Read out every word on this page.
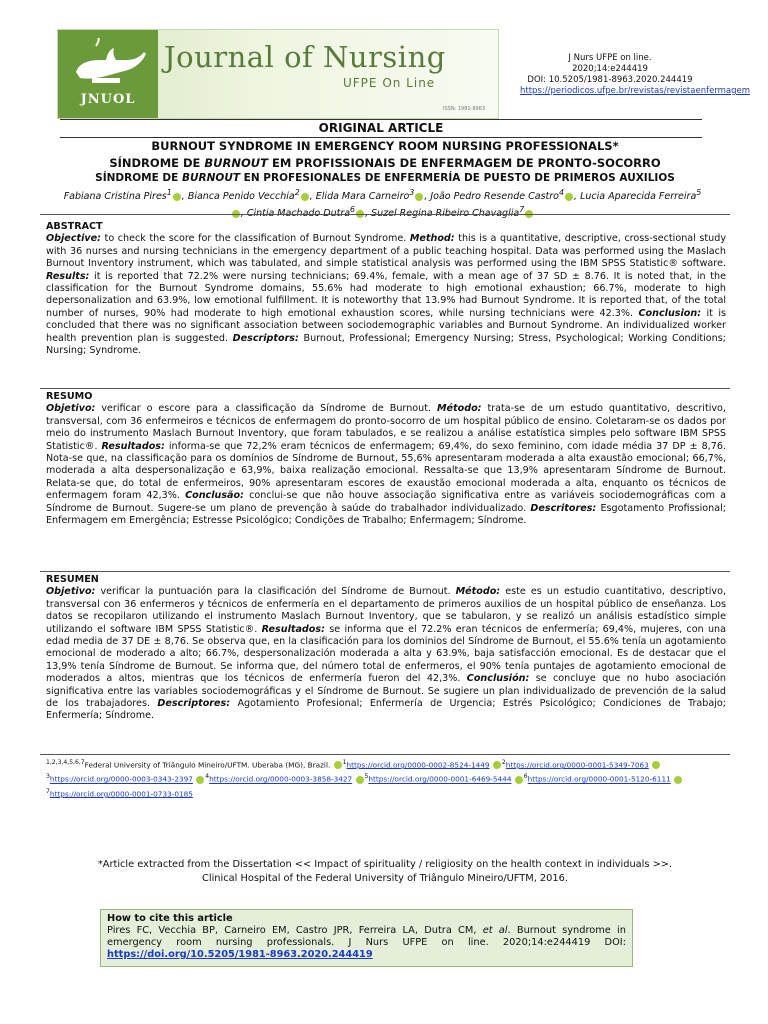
JNUOL
Journal of Nursing
UFPE On Line
ISSN: 1981-8963
J Nurs UFPE on line.
2020;14:e244419
DOI: 10.5205/1981-8963.2020.244419
https://periodicos.ufpe.br/revistas/revistaenfermagem
ORIGINAL ARTICLE
BURNOUT SYNDROME IN EMERGENCY ROOM NURSING PROFESSIONALS*
SÍNDROME DE BURNOUT EM PROFISSIONAIS DE ENFERMAGEM DE PRONTO-SOCORRO
SÍNDROME DE BURNOUT EN PROFESIONALES DE ENFERMERÍA DE PUESTO DE PRIMEROS AUXILIOS
Fabiana Cristina Pires$^1$ , Bianca Penido Vecchia$^2$ , Elida Mara Carneiro$^3$ , João Pedro Resende Castro$^4$ , Lucia Aparecida Ferreira$^5$, Cintia Machado Dutra$^6$ , Suzel Regina Ribeiro Chavaglia$^7$
ABSTRACT

Objective: to check the score for the classification of Burnout Syndrome. Method: this is a quantitative, descriptive, cross-sectional study with 36 nurses and nursing technicians in the emergency department of a public teaching hospital. Data was performed using the Maslach Burnout Inventory instrument, which was tabulated, and simple statistical analysis was performed using the IBM SPSS Statistic® software. Results: it is reported that 72.2% were nursing technicians; 69.4%, female, with a mean age of 37 SD ± 8.76. It is noted that, in the classification for the Burnout Syndrome domains, 55.6% had moderate to high emotional exhaustion; 66.7%, moderate to high depersonalization and 63.9%, low emotional fulfillment. It is noteworthy that 13.9% had Burnout Syndrome. It is reported that, of the total number of nurses, 90% had moderate to high emotional exhaustion scores, while nursing technicians were 42.3%. Conclusion: it is concluded that there was no significant association between sociodemographic variables and Burnout Syndrome. An individualized worker health prevention plan is suggested. Descriptors: Burnout, Professional; Emergency Nursing; Stress, Psychological; Working Conditions; Nursing; Syndrome.

RESUMO

Objetivo: verificar o escore para a classificação da Síndrome de Burnout. Método: trata-se de um estudo quantitativo, descritivo, transversal, com 36 enfermeiros e técnicos de enfermagem do pronto-socorro de um hospital público de ensino. Coletaram-se os dados por meio do instrumento Maslach Burnout Inventory, que foram tabulados, e se realizou a análise estatística simples pelo software IBM SPSS Statistic®. Resultados: informa-se que 72,2% eram técnicos de enfermagem; 69,4%, do sexo feminino, com idade média 37 DP ± 8,76. Nota-se que, na classificação para os domínios de Síndrome de Burnout, 55,6% apresentaram moderada a alta exaustão emocional; 66,7%, moderada a alta despersonalização e 63,9%, baixa realização emocional. Ressalta-se que 13,9% apresentaram Síndrome de Burnout. Relata-se que, do total de enfermeiros, 90% apresentaram escores de exaustão emocional moderada a alta, enquanto os técnicos de enfermagem foram 42,3%. Conclusão: conclui-se que não houve associação significativa entre as variáveis sociodemográficas com a Síndrome de Burnout. Sugere-se um plano de prevenção à saúde do trabalhador individualizado. Descritores: Esgotamento Profissional; Enfermagem em Emergência; Estresse Psicológico; Condições de Trabalho; Enfermagem; Síndrome.

RESUMEN

Objetivo: verificar la puntuación para la clasificación del Síndrome de Burnout. Método: este es un estudio cuantitativo, descriptivo, transversal con 36 enfermeros y técnicos de enfermería en el departamento de primeros auxilios de un hospital público de enseñanza. Los datos se recopilaron utilizando el instrumento Maslach Burnout Inventory, que se tabularon, y se realizó un análisis estadístico simple utilizando el software IBM SPSS Statistic®. Resultados: se informa que el 72.2% eran técnicos de enfermería; 69,4%, mujeres, con una edad media de 37 DE ± 8,76. Se observa que, en la clasificación para los dominios del Síndrome de Burnout, el 55.6% tenía un agotamiento emocional de moderado a alto; 66.7%, despersonalización moderada a alta y 63.9%, baja satisfacción emocional. Es de destacar que el 13,9% tenía Síndrome de Burnout. Se informa que, del número total de enfermeros, el 90% tenía puntajes de agotamiento emocional de moderados a altos, mientras que los técnicos de enfermería fueron del 42,3%. Conclusión: se concluye que no hubo asociación significativa entre las variables sociodemográficas y el Síndrome de Burnout. Se sugiere un plan individualizado de prevención de la salud de los trabajadores. Descriptores: Agotamiento Profesional; Enfermería de Urgencia; Estrés Psicológico; Condiciones de Trabajo; Enfermería; Síndrome.

$^{1,2,3,4,5,6,7}$Federal University of Triângulo Mineiro/UFTM. Uberaba (MG), Brazil. $^1$https://orcid.org/0000-0002-8524-1449 $^2$https://orcid.org/0000-0001-5349-7063 $^3$https://orcid.org/0000-0003-0343-2397 $^4$https://orcid.org/0000-0003-3858-3427 $^5$https://orcid.org/0000-0001-6469-5444 $^6$https://orcid.org/0000-0001-5120-6111 $^7$https://orcid.org/0000-0001-0733-0185
*Article extracted from the Dissertation << Impact of spirituality / religiosity on the health context in individuals >>.
Clinical Hospital of the Federal University of Triângulo Mineiro/UFTM, 2016.
How to cite this article
Pires FC, Vecchia BP, Carneiro EM, Castro JPR, Ferreira LA, Dutra CM, et al. Burnout syndrome in emergency room nursing professionals. J Nurs UFPE on line. 2020;14:e244419 DOI: https://doi.org/10.5205/1981-8963.2020.244419
